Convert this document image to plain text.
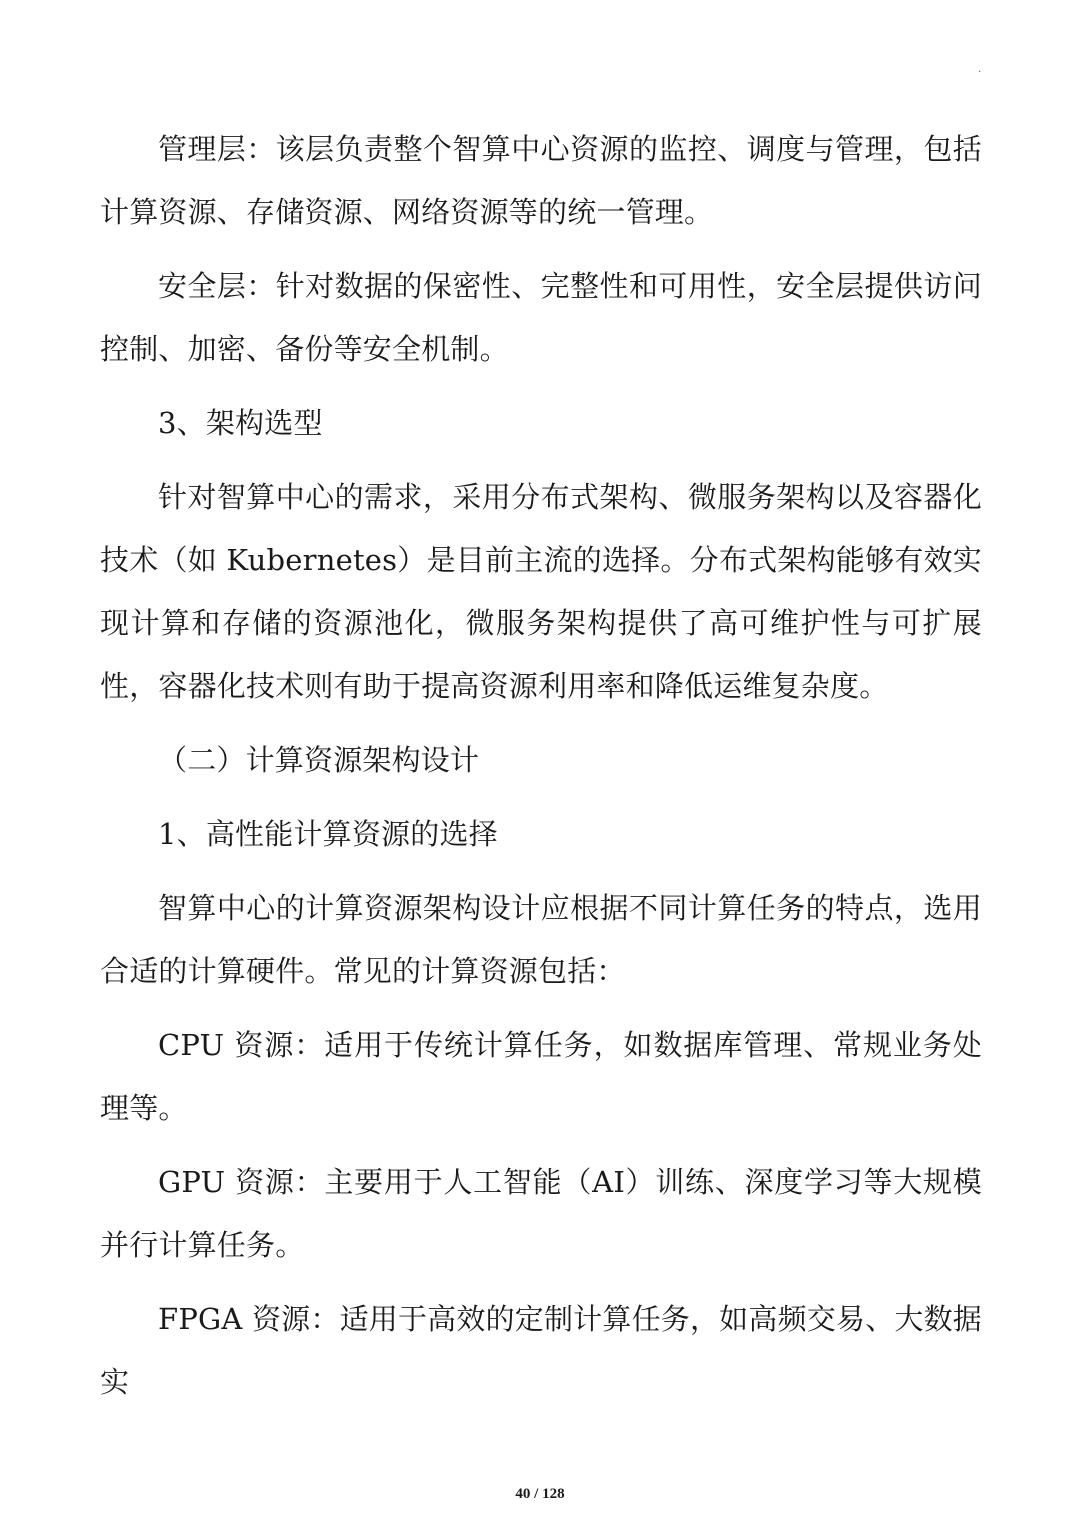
·

管理层：该层负责整个智算中心资源的监控、调度与管理，包括计算资源、存储资源、网络资源等的统一管理。

安全层：针对数据的保密性、完整性和可用性，安全层提供访问控制、加密、备份等安全机制。

3、架构选型

针对智算中心的需求，采用分布式架构、微服务架构以及容器化技术（如 Kubernetes）是目前主流的选择。分布式架构能够有效实现计算和存储的资源池化，微服务架构提供了高可维护性与可扩展性，容器化技术则有助于提高资源利用率和降低运维复杂度。

（二）计算资源架构设计

1、高性能计算资源的选择

智算中心的计算资源架构设计应根据不同计算任务的特点，选用合适的计算硬件。常见的计算资源包括：

CPU 资源：适用于传统计算任务，如数据库管理、常规业务处理等。

GPU 资源：主要用于人工智能（AI）训练、深度学习等大规模并行计算任务。

FPGA 资源：适用于高效的定制计算任务，如高频交易、大数据实

40 / 128
